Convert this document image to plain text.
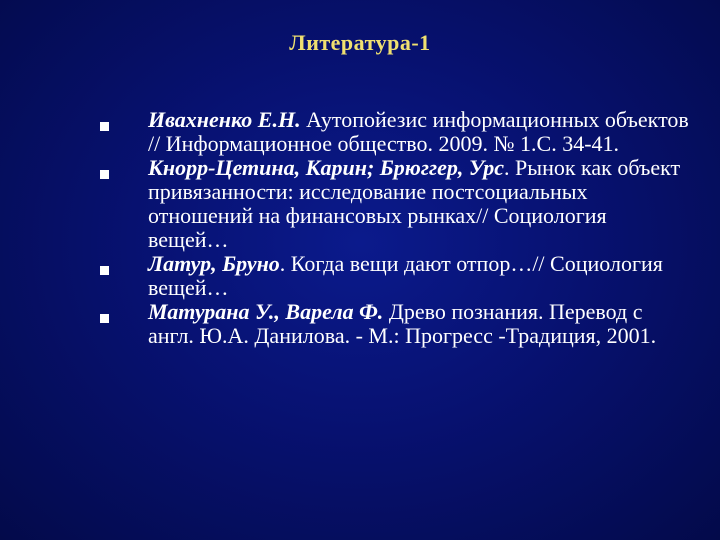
Литература-1
Ивахненко Е.Н. Аутопойезис информационных объектов // Информационное общество. 2009. № 1.С. 34-41.
Кнорр-Цетина, Карин; Брюггер, Урс. Рынок как объект привязанности: исследование постсоциальных отношений на финансовых рынках// Социология вещей…
Латур, Бруно. Когда вещи дают отпор…// Социология вещей…
Матурана У., Варела Ф. Древо познания. Перевод с англ. Ю.А. Данилова. - М.: Прогресс -Традиция, 2001.
